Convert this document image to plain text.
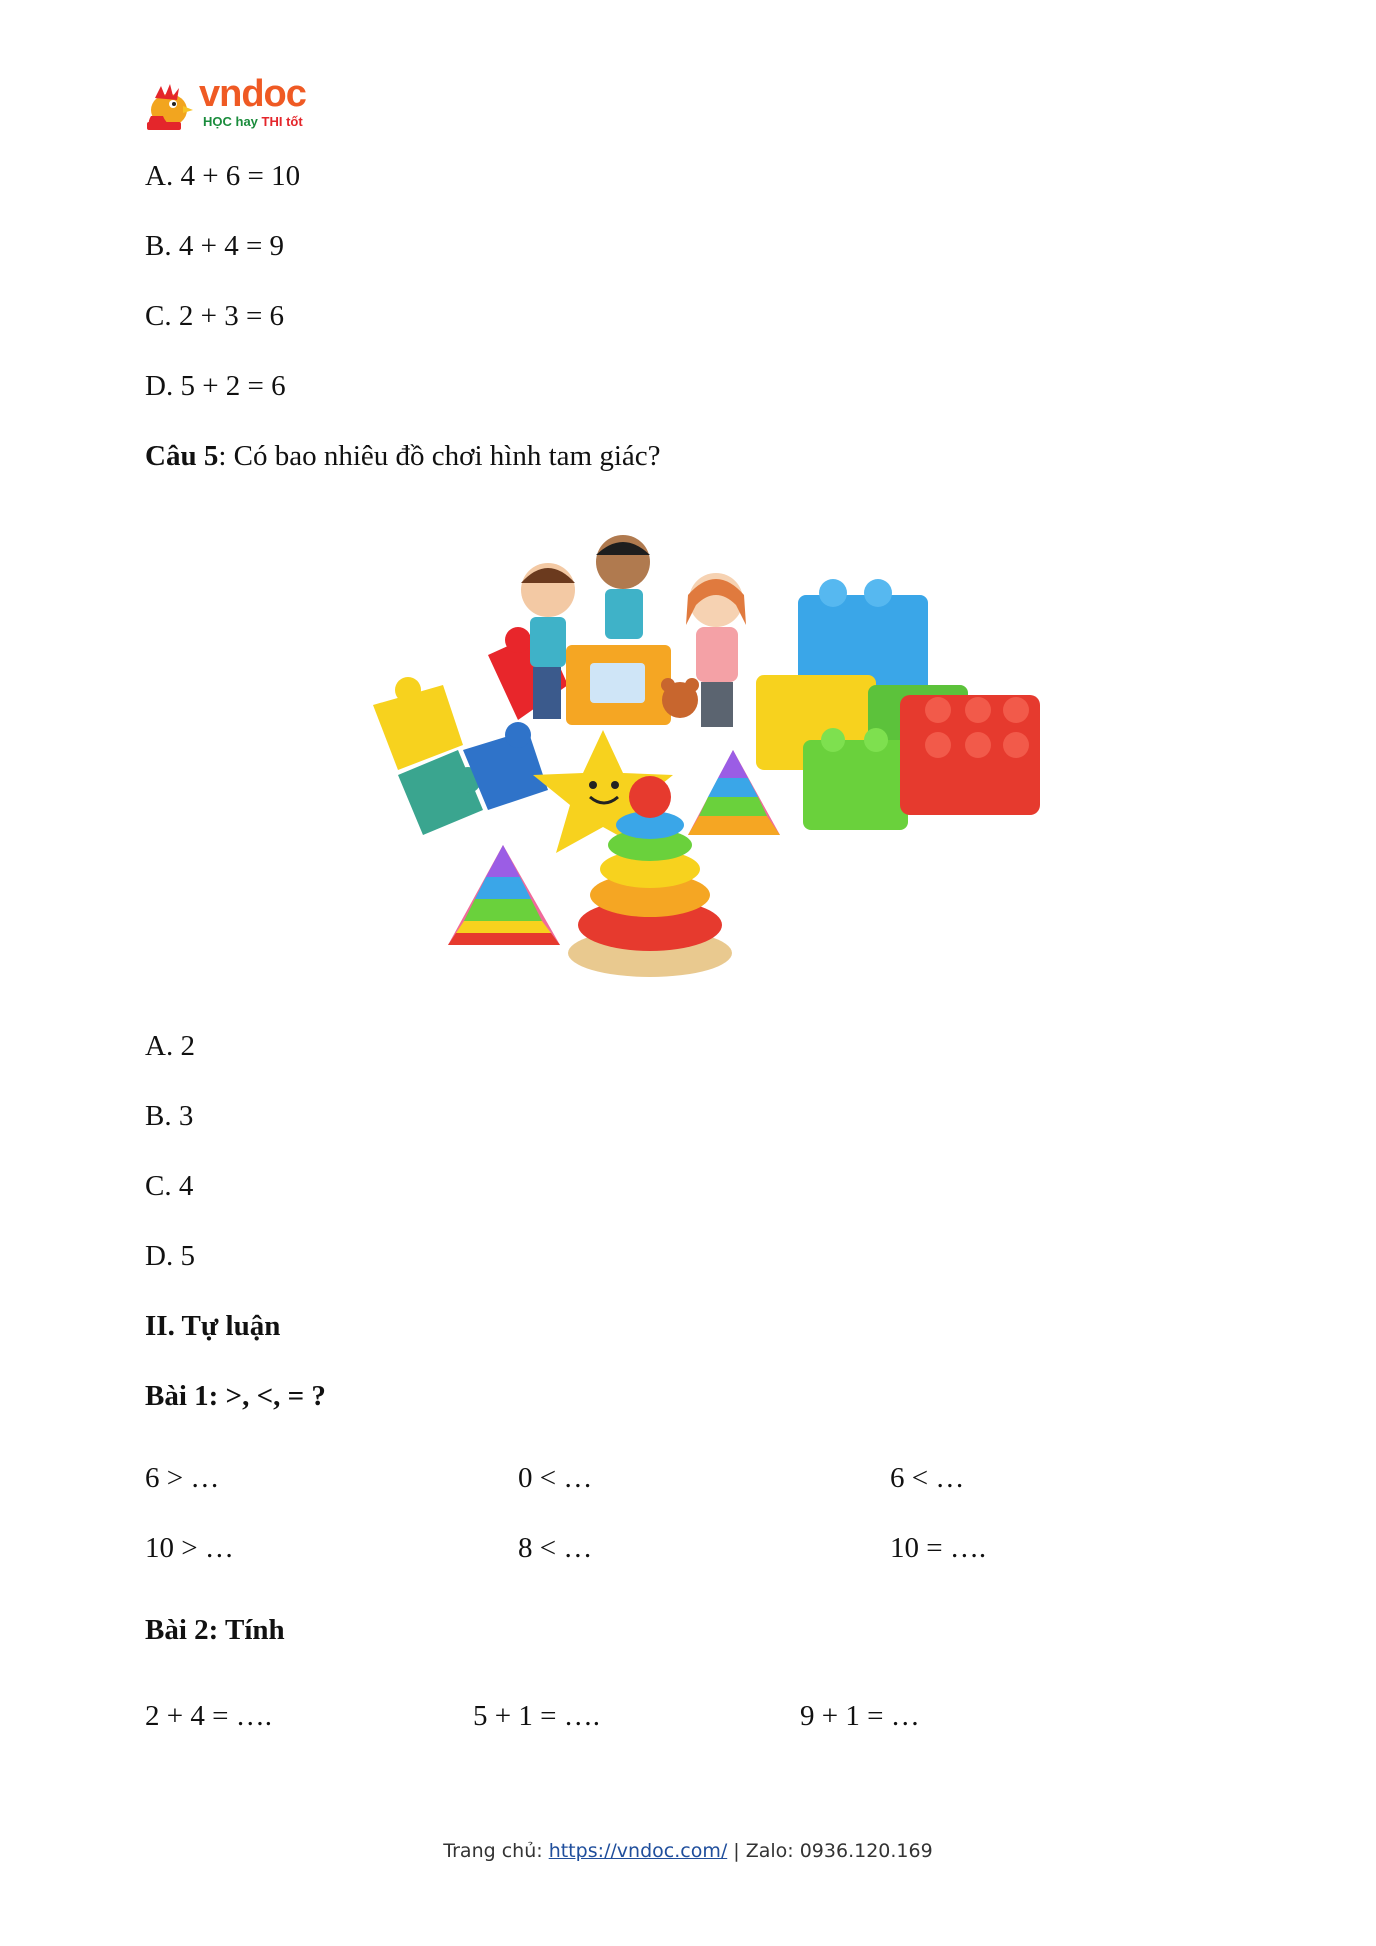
vndoc
HỌC hay THI tốt
A. 4 + 6 = 10
B. 4 + 4 = 9
C. 2 + 3 = 6
D. 5 + 2 = 6
Câu 5: Có bao nhiêu đồ chơi hình tam giác?
A. 2
B. 3
C. 4
D. 5
II. Tự luận
Bài 1: >, <, = ?
6 > …	0 < …	6 < …
10 > …	8 < …	10 = ….
Bài 2: Tính
2 + 4 = ….	5 + 1 = ….	9 + 1 = …
Trang chủ: https://vndoc.com/ | Zalo: 0936.120.169
